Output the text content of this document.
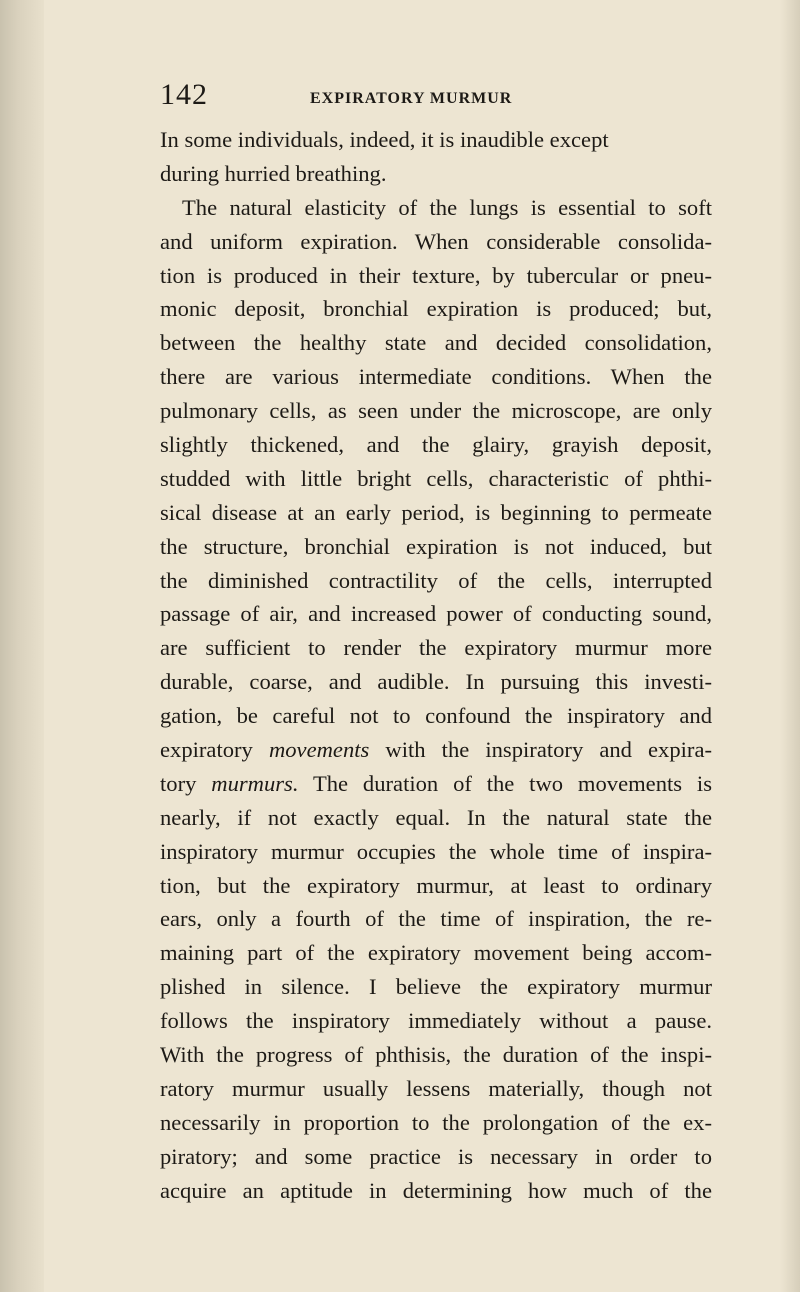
142	EXPIRATORY MURMUR
In some individuals, indeed, it is inaudible except
during hurried breathing.
The natural elasticity of the lungs is essential to soft
and uniform expiration. When considerable consolida-
tion is produced in their texture, by tubercular or pneu-
monic deposit, bronchial expiration is produced; but,
between the healthy state and decided consolidation,
there are various intermediate conditions. When the
pulmonary cells, as seen under the microscope, are only
slightly thickened, and the glairy, grayish deposit,
studded with little bright cells, characteristic of phthi-
sical disease at an early period, is beginning to permeate
the structure, bronchial expiration is not induced, but
the diminished contractility of the cells, interrupted
passage of air, and increased power of conducting sound,
are sufficient to render the expiratory murmur more
durable, coarse, and audible. In pursuing this investi-
gation, be careful not to confound the inspiratory and
expiratory movements with the inspiratory and expira-
tory murmurs. The duration of the two movements is
nearly, if not exactly equal. In the natural state the
inspiratory murmur occupies the whole time of inspira-
tion, but the expiratory murmur, at least to ordinary
ears, only a fourth of the time of inspiration, the re-
maining part of the expiratory movement being accom-
plished in silence. I believe the expiratory murmur
follows the inspiratory immediately without a pause.
With the progress of phthisis, the duration of the inspi-
ratory murmur usually lessens materially, though not
necessarily in proportion to the prolongation of the ex-
piratory; and some practice is necessary in order to
acquire an aptitude in determining how much of the
